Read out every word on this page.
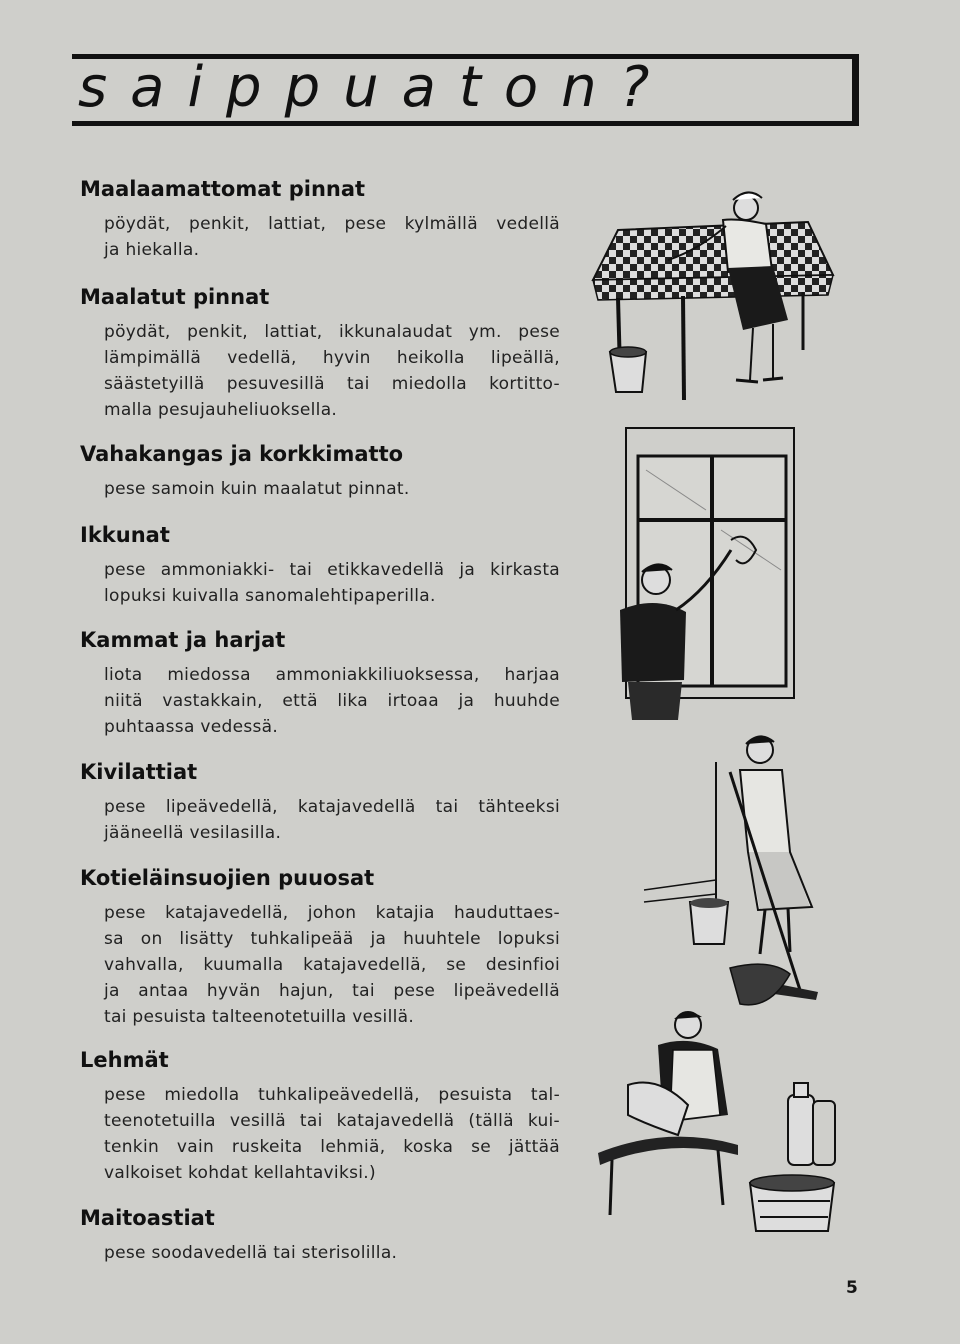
saippuaton?
Maalaamattomat pinnat
pöydät, penkit, lattiat, pese kylmällä vedellä
ja hiekalla.
Maalatut pinnat
pöydät, penkit, lattiat, ikkunalaudat ym. pese
lämpimällä vedellä, hyvin heikolla lipeällä,
säästetyillä pesuvesillä tai miedolla kortitto-
malla pesujauheliuoksella.
Vahakangas ja korkkimatto
pese samoin kuin maalatut pinnat.
Ikkunat
pese ammoniakki- tai etikkavedellä ja kirkasta
lopuksi kuivalla sanomalehtipaperilla.
Kammat ja harjat
liota miedossa ammoniakkiliuoksessa, harjaa
niitä vastakkain, että lika irtoaa ja huuhde
puhtaassa vedessä.
Kivilattiat
pese lipeävedellä, katajavedellä tai tähteeksi
jääneellä vesilasilla.
Kotieläinsuojien puuosat
pese katajavedellä, johon katajia hauduttaes-
sa on lisätty tuhkalipeää ja huuhtele lopuksi
vahvalla, kuumalla katajavedellä, se desinfioi
ja antaa hyvän hajun, tai pese lipeävedellä
tai pesuista talteenotetuilla vesillä.
Lehmät
pese miedolla tuhkalipeävedellä, pesuista tal-
teenotetuilla vesillä tai katajavedellä (tällä kui-
tenkin vain ruskeita lehmiä, koska se jättää
valkoiset kohdat kellahtaviksi.)
Maitoastiat
pese soodavedellä tai sterisolilla.
5
